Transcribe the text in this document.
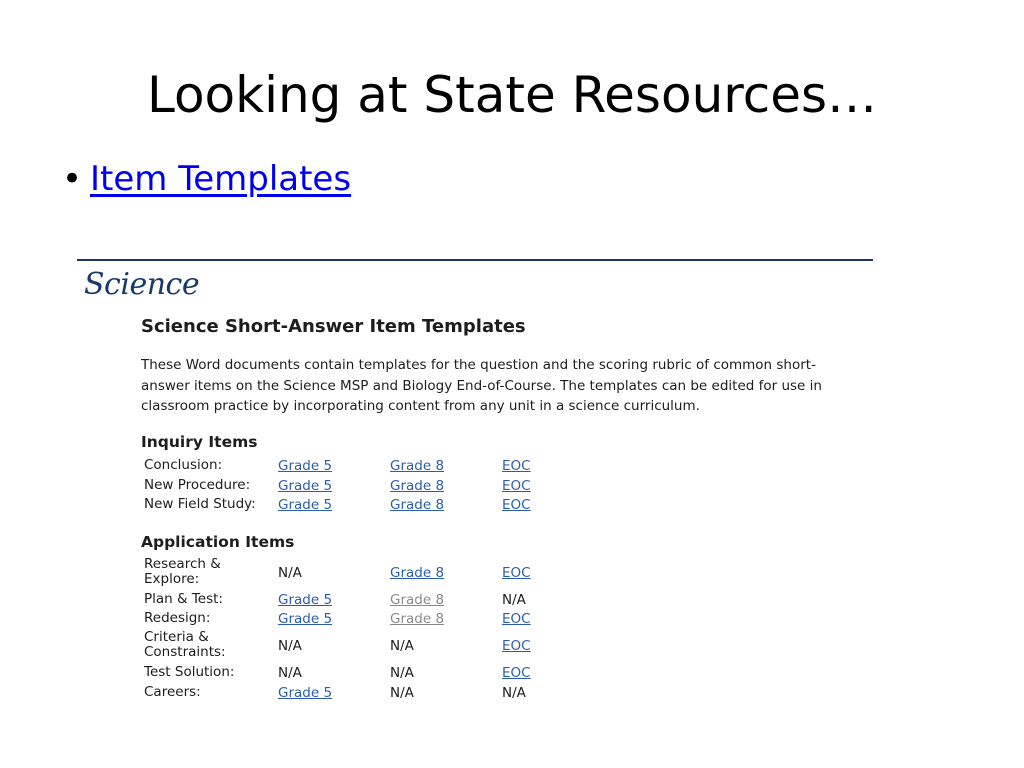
Looking at State Resources…
• Item Templates
Science
Science Short-Answer Item Templates
These Word documents contain templates for the question and the scoring rubric of common short-
answer items on the Science MSP and Biology End-of-Course. The templates can be edited for use in
classroom practice by incorporating content from any unit in a science curriculum.
Inquiry Items
Conclusion:	Grade 5	Grade 8	EOC
New Procedure:	Grade 5	Grade 8	EOC
New Field Study:	Grade 5	Grade 8	EOC
Application Items
Research &
Explore:	N/A	Grade 8	EOC
Plan & Test:	Grade 5	Grade 8	N/A
Redesign:	Grade 5	Grade 8	EOC
Criteria &
Constraints:	N/A	N/A	EOC
Test Solution:	N/A	N/A	EOC
Careers:	Grade 5	N/A	N/A
